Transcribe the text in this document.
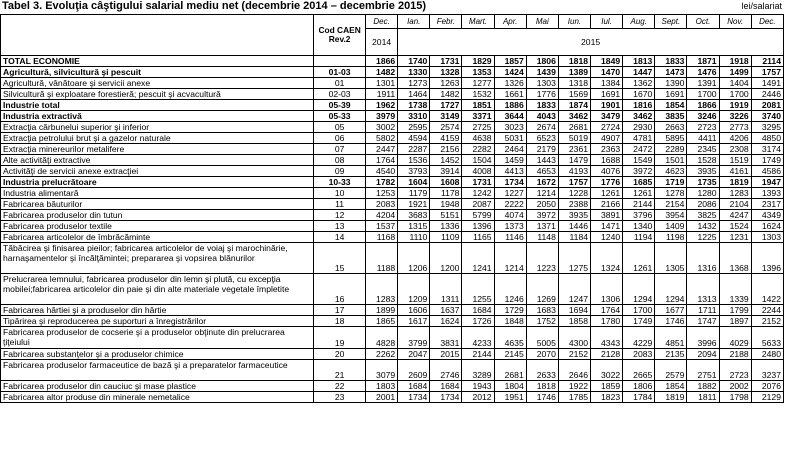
Tabel 3. Evoluţia câştigului salarial mediu net (decembrie 2014 – decembrie 2015)	lei/salariat
	Cod CAEN Rev.2	Dec.	Ian.	Febr.	Mart.	Apr.	Mai	Iun.	Iul.	Aug.	Sept.	Oct.	Nov.	Dec.
		2014	2015											

TOTAL ECONOMIE		1866	1740	1731	1829	1857	1806	1818	1849	1813	1833	1871	1918	2114
Agricultură, silvicultură şi pescuit	01-03	1482	1330	1328	1353	1424	1439	1389	1470	1447	1473	1476	1499	1757
Agricultură, vânătoare şi servicii anexe	01	1301	1273	1263	1277	1326	1303	1318	1384	1362	1390	1391	1404	1491
Silvicultură şi exploatare forestieră; pescuit şi acvacultură	02-03	1911	1464	1482	1532	1661	1776	1569	1691	1670	1691	1700	1700	2446
Industrie total	05-39	1962	1738	1727	1851	1886	1833	1874	1901	1816	1854	1866	1919	2081
Industria extractivă	05-33	3979	3310	3149	3371	3644	4043	3462	3479	3462	3835	3246	3226	3740
Extracţia cărbunelui superior şi inferior	05	3002	2595	2574	2725	3023	2674	2681	2724	2930	2663	2723	2773	3295
Extracţia petrolului brut şi a gazelor naturale	06	5802	4594	4159	4638	5031	6523	5019	4907	4781	5895	4411	4206	4850
Extracţia minereurilor metalifere	07	2447	2287	2156	2282	2464	2179	2361	2363	2472	2289	2345	2308	3174
Alte activităţi extractive	08	1764	1536	1452	1504	1459	1443	1479	1688	1549	1501	1528	1519	1749
Activităţi de servicii anexe extracţiei	09	4540	3793	3914	4008	4413	4653	4193	4076	3972	4623	3935	4161	4586
Industria prelucrătoare	10-33	1782	1604	1608	1731	1734	1672	1757	1776	1685	1719	1735	1819	1947
Industria alimentară	10	1253	1179	1178	1242	1227	1214	1228	1261	1261	1278	1280	1283	1393
Fabricarea băuturilor	11	2083	1921	1948	2087	2222	2050	2388	2166	2144	2154	2086	2104	2317
Fabricarea produselor din tutun	12	4204	3683	5151	5799	4074	3972	3935	3891	3796	3954	3825	4247	4349
Fabricarea produselor textile	13	1537	1315	1336	1396	1373	1371	1446	1471	1340	1409	1432	1524	1624
Fabricarea articolelor de îmbrăcăminte	14	1168	1110	1109	1165	1146	1148	1184	1240	1194	1198	1225	1231	1303
Tăbăcirea şi finisarea pieilor; fabricarea articolelor de voiaj şi marochinărie, harnaşamentelor şi încălţămintei; prepararea şi vopsirea blănurilor	15	1188	1206	1200	1241	1214	1223	1275	1324	1261	1305	1316	1368	1396
Prelucrarea lemnului, fabricarea produselor din lemn şi plută, cu excepţia mobilei;fabricarea articolelor din paie şi din alte materiale vegetale împletite	16	1283	1209	1311	1255	1246	1269	1247	1306	1294	1294	1313	1339	1422
Fabricarea hârtiei şi a produselor din hârtie	17	1899	1606	1637	1684	1729	1683	1694	1764	1700	1677	1711	1799	2244
Tipărirea şi reproducerea pe suporturi a înregistrărilor	18	1865	1617	1624	1726	1848	1752	1858	1780	1749	1746	1747	1897	2152
Fabricarea produselor de cocserie şi a produselor obţinute din prelucrarea ţiţeiului	19	4828	3799	3831	4233	4635	5005	4300	4343	4229	4851	3996	4029	5633
Fabricarea substanţelor şi a produselor chimice	20	2262	2047	2015	2144	2145	2070	2152	2128	2083	2135	2094	2188	2480
Fabricarea produselor farmaceutice de bază şi a preparatelor farmaceutice	21	3079	2609	2746	3289	2681	2633	2646	3022	2665	2579	2751	2723	3237
Fabricarea produselor din cauciuc şi mase plastice	22	1803	1684	1684	1943	1804	1818	1922	1859	1806	1854	1882	2002	2076
Fabricarea altor produse din minerale nemetalice	23	2001	1734	1734	2012	1951	1746	1785	1823	1784	1819	1811	1798	2129
